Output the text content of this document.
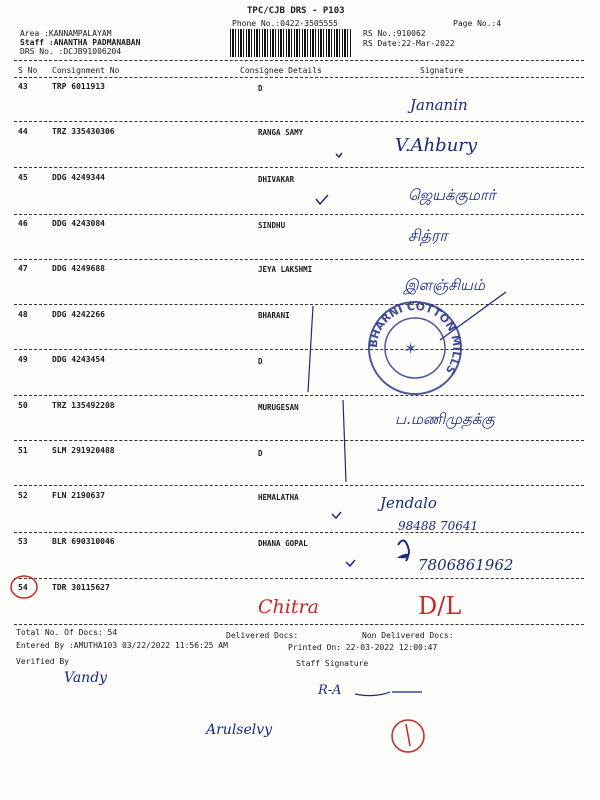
TPC/CJB DRS - P103
Phone No.:0422-3505555	Page No.:4
Area :KANNAMPALAYAM
Staff :ANANTHA PADMANABAN
DRS No. :DCJB91006204
RS No.:910062
RS Date:22-Mar-2022
S No Consignment No	Consignee Details	Signature
43	TRP 6011913	D
44	TRZ 335430306	RANGA SAMY
45	DDG 4249344	DHIVAKAR
46	DDG 4243084	SINDHU
47	DDG 4249688	JEYA LAKSHMI
48	DDG 4242266	BHARANI
49	DDG 4243454	D
50	TRZ 135492208	MURUGESAN
51	SLM 291920488	D
52	FLN 2190637	HEMALATHA
53	BLR 690310046	DHANA GOPAL
54	TDR 30115627
Jananin
V.Ahbury
ஜெயக்குமார்
சித்ரா
இளஞ்சியம்
ப.மணிமுதக்கு
Jendalo
98488 70641
7806861962
Chitra	D/L
Vandy
R-A
Arulselvy
BHARNI COTTON MILLS
✶
Total No. Of Docs: 54	Delivered Docs:	Non Delivered Docs:
Entered By :AMUTHA103 03/22/2022 11:56:25 AM	Printed On: 22-03-2022 12:00:47
Verified By	Staff Signature
